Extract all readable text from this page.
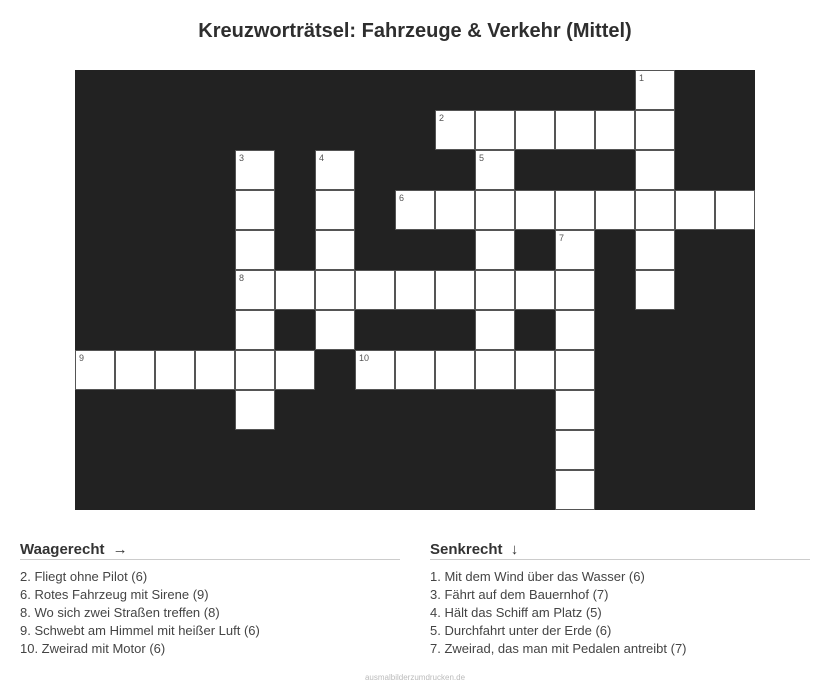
Kreuzworträtsel: Fahrzeuge & Verkehr (Mittel)
1
2
3	4	5
6
7
8
9	10
Waagerecht →
2. Fliegt ohne Pilot (6)
6. Rotes Fahrzeug mit Sirene (9)
8. Wo sich zwei Straßen treffen (8)
9. Schwebt am Himmel mit heißer Luft (6)
10. Zweirad mit Motor (6)
Senkrecht ↓
1. Mit dem Wind über das Wasser (6)
3. Fährt auf dem Bauernhof (7)
4. Hält das Schiff am Platz (5)
5. Durchfahrt unter der Erde (6)
7. Zweirad, das man mit Pedalen antreibt (7)
ausmalbilderzumdrucken.de
